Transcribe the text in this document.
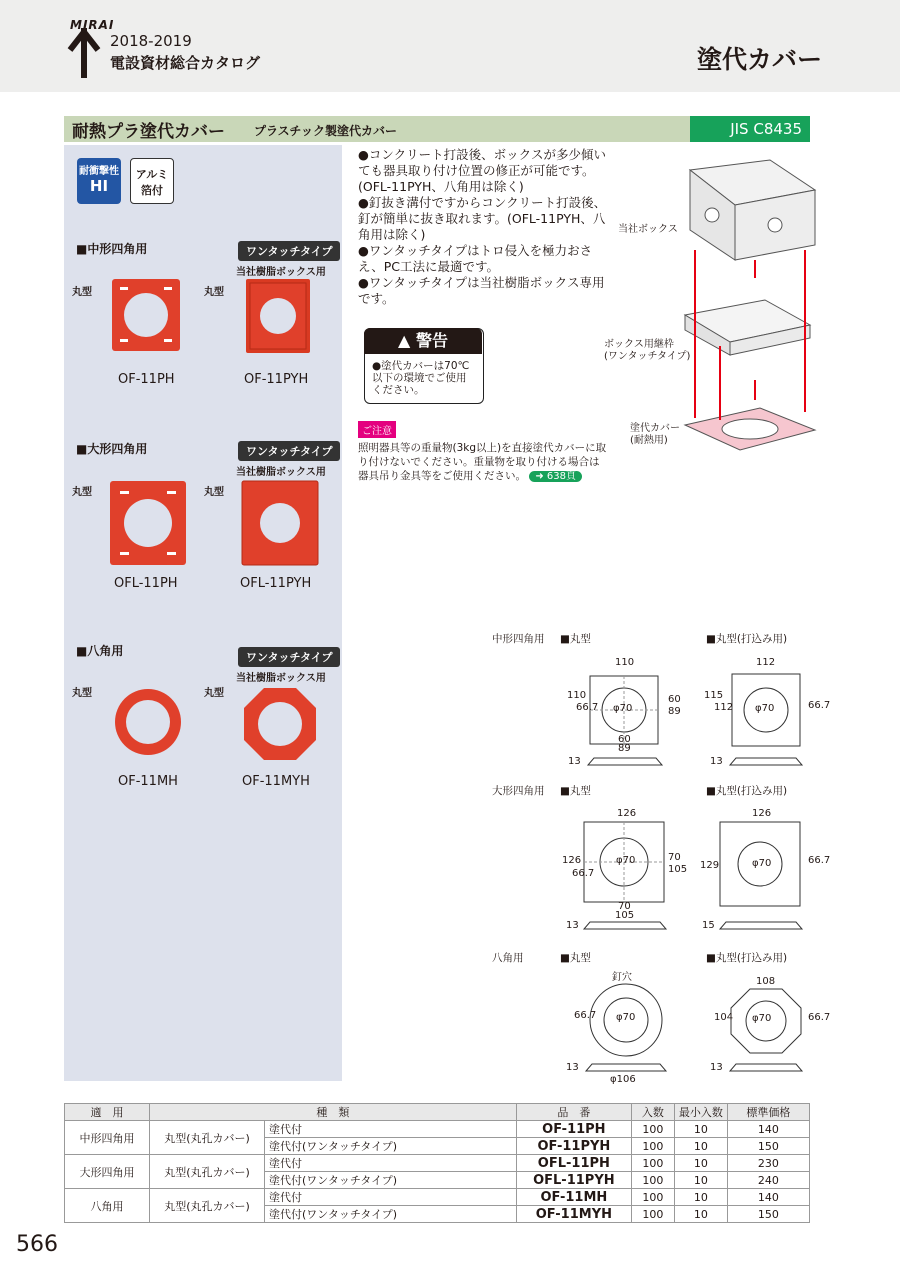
MIRAI
2018-2019
電設資材総合カタログ	塗代カバー
耐熱プラ塗代カバー プラスチック製塗代カバー	JIS C8435
耐衝撃性
HI
アルミ
箔付
■中形四角用	ワンタッチタイプ
当社樹脂ボックス用
丸型	丸型
OF-11PH	OF-11PYH
■大形四角用	ワンタッチタイプ
当社樹脂ボックス用
丸型	丸型
OFL-11PH	OFL-11PYH
■八角用	ワンタッチタイプ
当社樹脂ボックス用
丸型	丸型
OF-11MH	OF-11MYH

●コンクリート打設後、ボックスが多少傾いても器具取り付け位置の修正が可能です。(OFL-11PYH、八角用は除く)

●釘抜き溝付ですからコンクリート打設後、釘が簡単に抜き取れます。(OFL-11PYH、八角用は除く)

●ワンタッチタイプはトロ侵入を極力おさえ、PC工法に最適です。

●ワンタッチタイプは当社樹脂ボックス専用です。

▲ 警告
●塗代カバーは70℃以下の環境でご使用ください。
ご注意
照明器具等の重量物(3kg以上)を直接塗代カバーに取り付けないでください。重量物を取り付ける場合は器具吊り金具等をご使用ください。 ➜ 638頁
当社ボックス
ボックス用継枠
(ワンタッチタイプ)
塗代カバー
(耐熱用)
中形四角用 ■丸型	■丸型(打込み用)
110
110
66.7 φ70
60
89
60
89
13
112
115
112 φ70	66.7
13
大形四角用 ■丸型	■丸型(打込み用)
126
126
66.7
φ70	70
105
70
105
13
126
129	φ70	66.7
15
八角用	■丸型	■丸型(打込み用)
釘穴
66.7 φ70
13
φ106
108
104 φ70	66.7
13
適　用	種　類		品　番	入数	最小入数	標準価格
中形四角用	丸型(丸孔カバー)	塗代付	OF-11PH	100	10	140
		塗代付(ワンタッチタイプ)	OF-11PYH	100	10	150
大形四角用	丸型(丸孔カバー)	塗代付	OFL-11PH	100	10	230
		塗代付(ワンタッチタイプ)	OFL-11PYH	100	10	240
八角用	丸型(丸孔カバー)	塗代付	OF-11MH	100	10	140
		塗代付(ワンタッチタイプ)	OF-11MYH	100	10	150
566
